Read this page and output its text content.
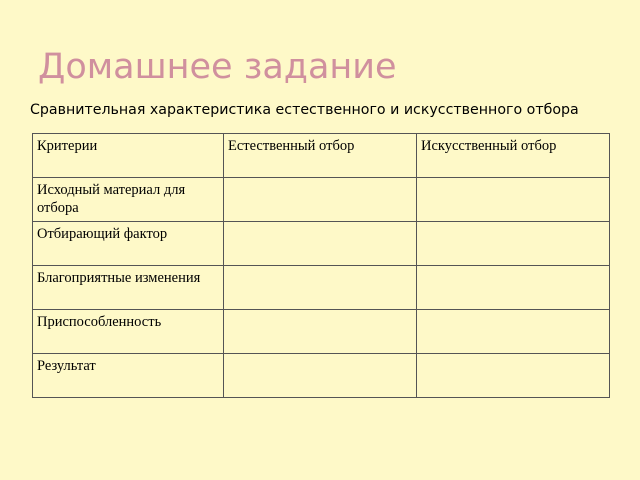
Домашнее задание
Сравнительная характеристика естественного и искусственного отбора
Критерии	Естественный отбор	Искусственный отбор
Исходный материал для отбора		
Отбирающий фактор		
Благоприятные изменения		
Приспособленность		
Результат		
